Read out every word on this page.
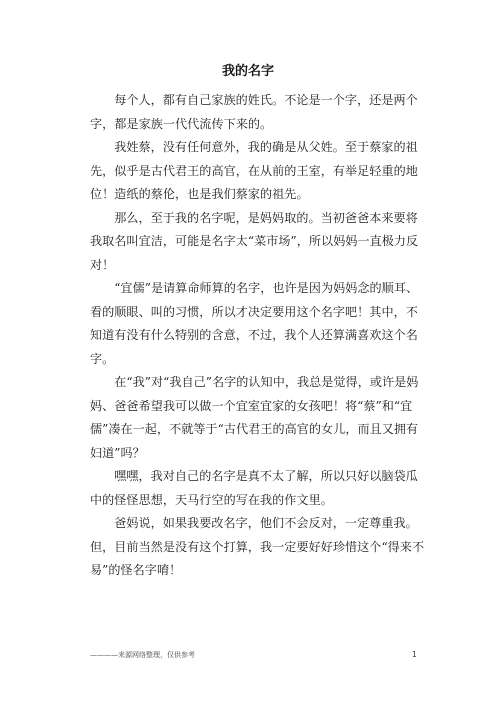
我的名字

每个人，都有自己家族的姓氏。不论是一个字，还是两个字，都是家族一代代流传下来的。

我姓蔡，没有任何意外，我的确是从父姓。至于蔡家的祖先，似乎是古代君王的高官，在从前的王室，有举足轻重的地位！造纸的蔡伦，也是我们蔡家的祖先。

那么，至于我的名字呢，是妈妈取的。当初爸爸本来要将我取名叫宜洁，可能是名字太“菜市场”，所以妈妈一直极力反对！

“宜儒”是请算命师算的名字，也许是因为妈妈念的顺耳、看的顺眼、叫的习惯，所以才决定要用这个名字吧！其中，不知道有没有什么特别的含意，不过，我个人还算满喜欢这个名字。

在“我”对“我自己”名字的认知中，我总是觉得，或许是妈妈、爸爸希望我可以做一个宜室宜家的女孩吧！将“蔡”和“宜儒”凑在一起，不就等于“古代君王的高官的女儿，而且又拥有妇道”吗？

嘿嘿，我对自己的名字是真不太了解，所以只好以脑袋瓜中的怪怪思想，天马行空的写在我的作文里。

爸妈说，如果我要改名字，他们不会反对，一定尊重我。但，目前当然是没有这个打算，我一定要好好珍惜这个“得来不易”的怪名字唷！

————来源网络整理，仅供参考	1
